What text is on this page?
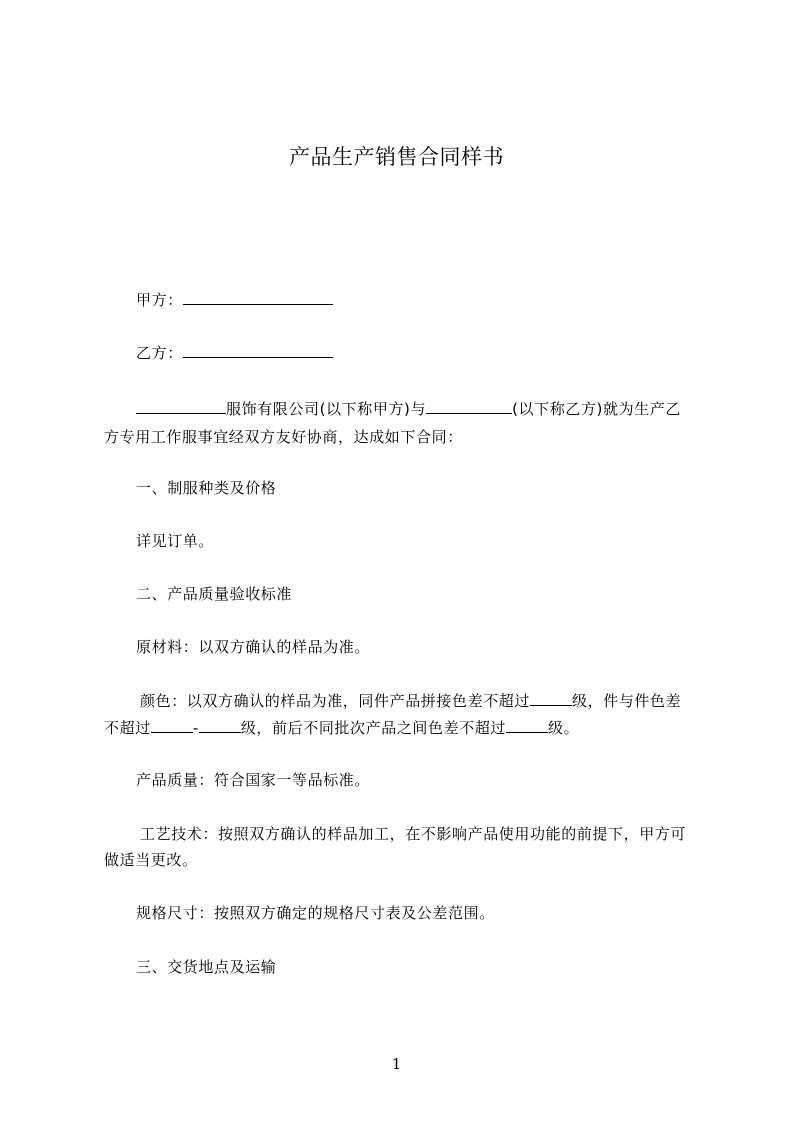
产品生产销售合同样书
甲方：
乙方：
服饰有限公司(以下称甲方)与	(以下称乙方)就为生产乙
方专用工作服事宜经双方友好协商，达成如下合同：
一、制服种类及价格
详见订单。
二、产品质量验收标准
原材料：以双方确认的样品为准。
颜色：以双方确认的样品为准，同件产品拼接色差不超过	级，件与件色差
不超过	-	级，前后不同批次产品之间色差不超过	级。
产品质量：符合国家一等品标准。
工艺技术：按照双方确认的样品加工，在不影响产品使用功能的前提下，甲方可
做适当更改。
规格尺寸：按照双方确定的规格尺寸表及公差范围。
三、交货地点及运输
1
